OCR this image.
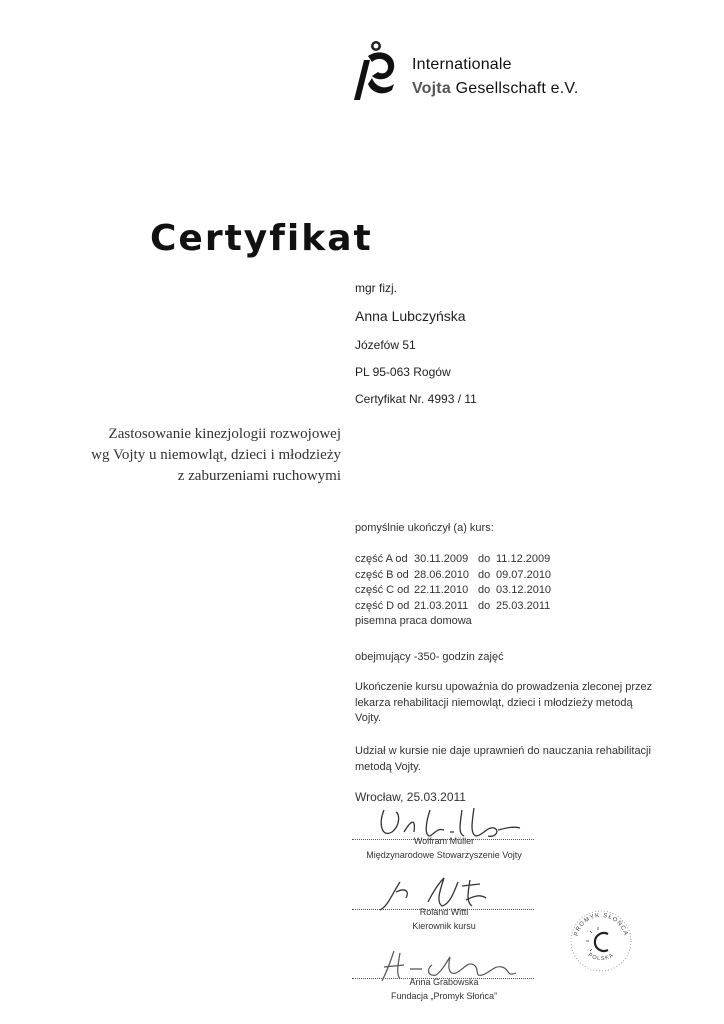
Internationale
Vojta Gesellschaft e.V.
Certyfikat
mgr fizj.
Anna Lubczyńska
Józefów 51
PL 95-063 Rogów
Certyfikat Nr. 4993 / 11
Zastosowanie kinezjologii rozwojowej
wg Vojty u niemowląt, dzieci i młodzieży
z zaburzeniami ruchowymi
pomyślnie ukończył (a) kurs:
część A od 30.11.2009 do 11.12.2009
część B od 28.06.2010 do 09.07.2010
część C od 22.11.2010 do 03.12.2010
część D od 21.03.2011 do 25.03.2011
pisemna praca domowa
obejmujący -350- godzin zajęć
Ukończenie kursu upoważnia do prowadzenia zleconej przez lekarza rehabilitacji niemowląt, dzieci i młodzieży metodą Vojty.
Udział w kursie nie daje uprawnień do nauczania rehabilitacji metodą Vojty.
Wrocław, 25.03.2011
Wolfram Müller
Międzynarodowe Stowarzyszenie Vojty
Roland Wittl
Kierownik kursu
Anna Grabowska
Fundacja „Promyk Słońca”
PROMYK SŁOŃCA
POLSKA
